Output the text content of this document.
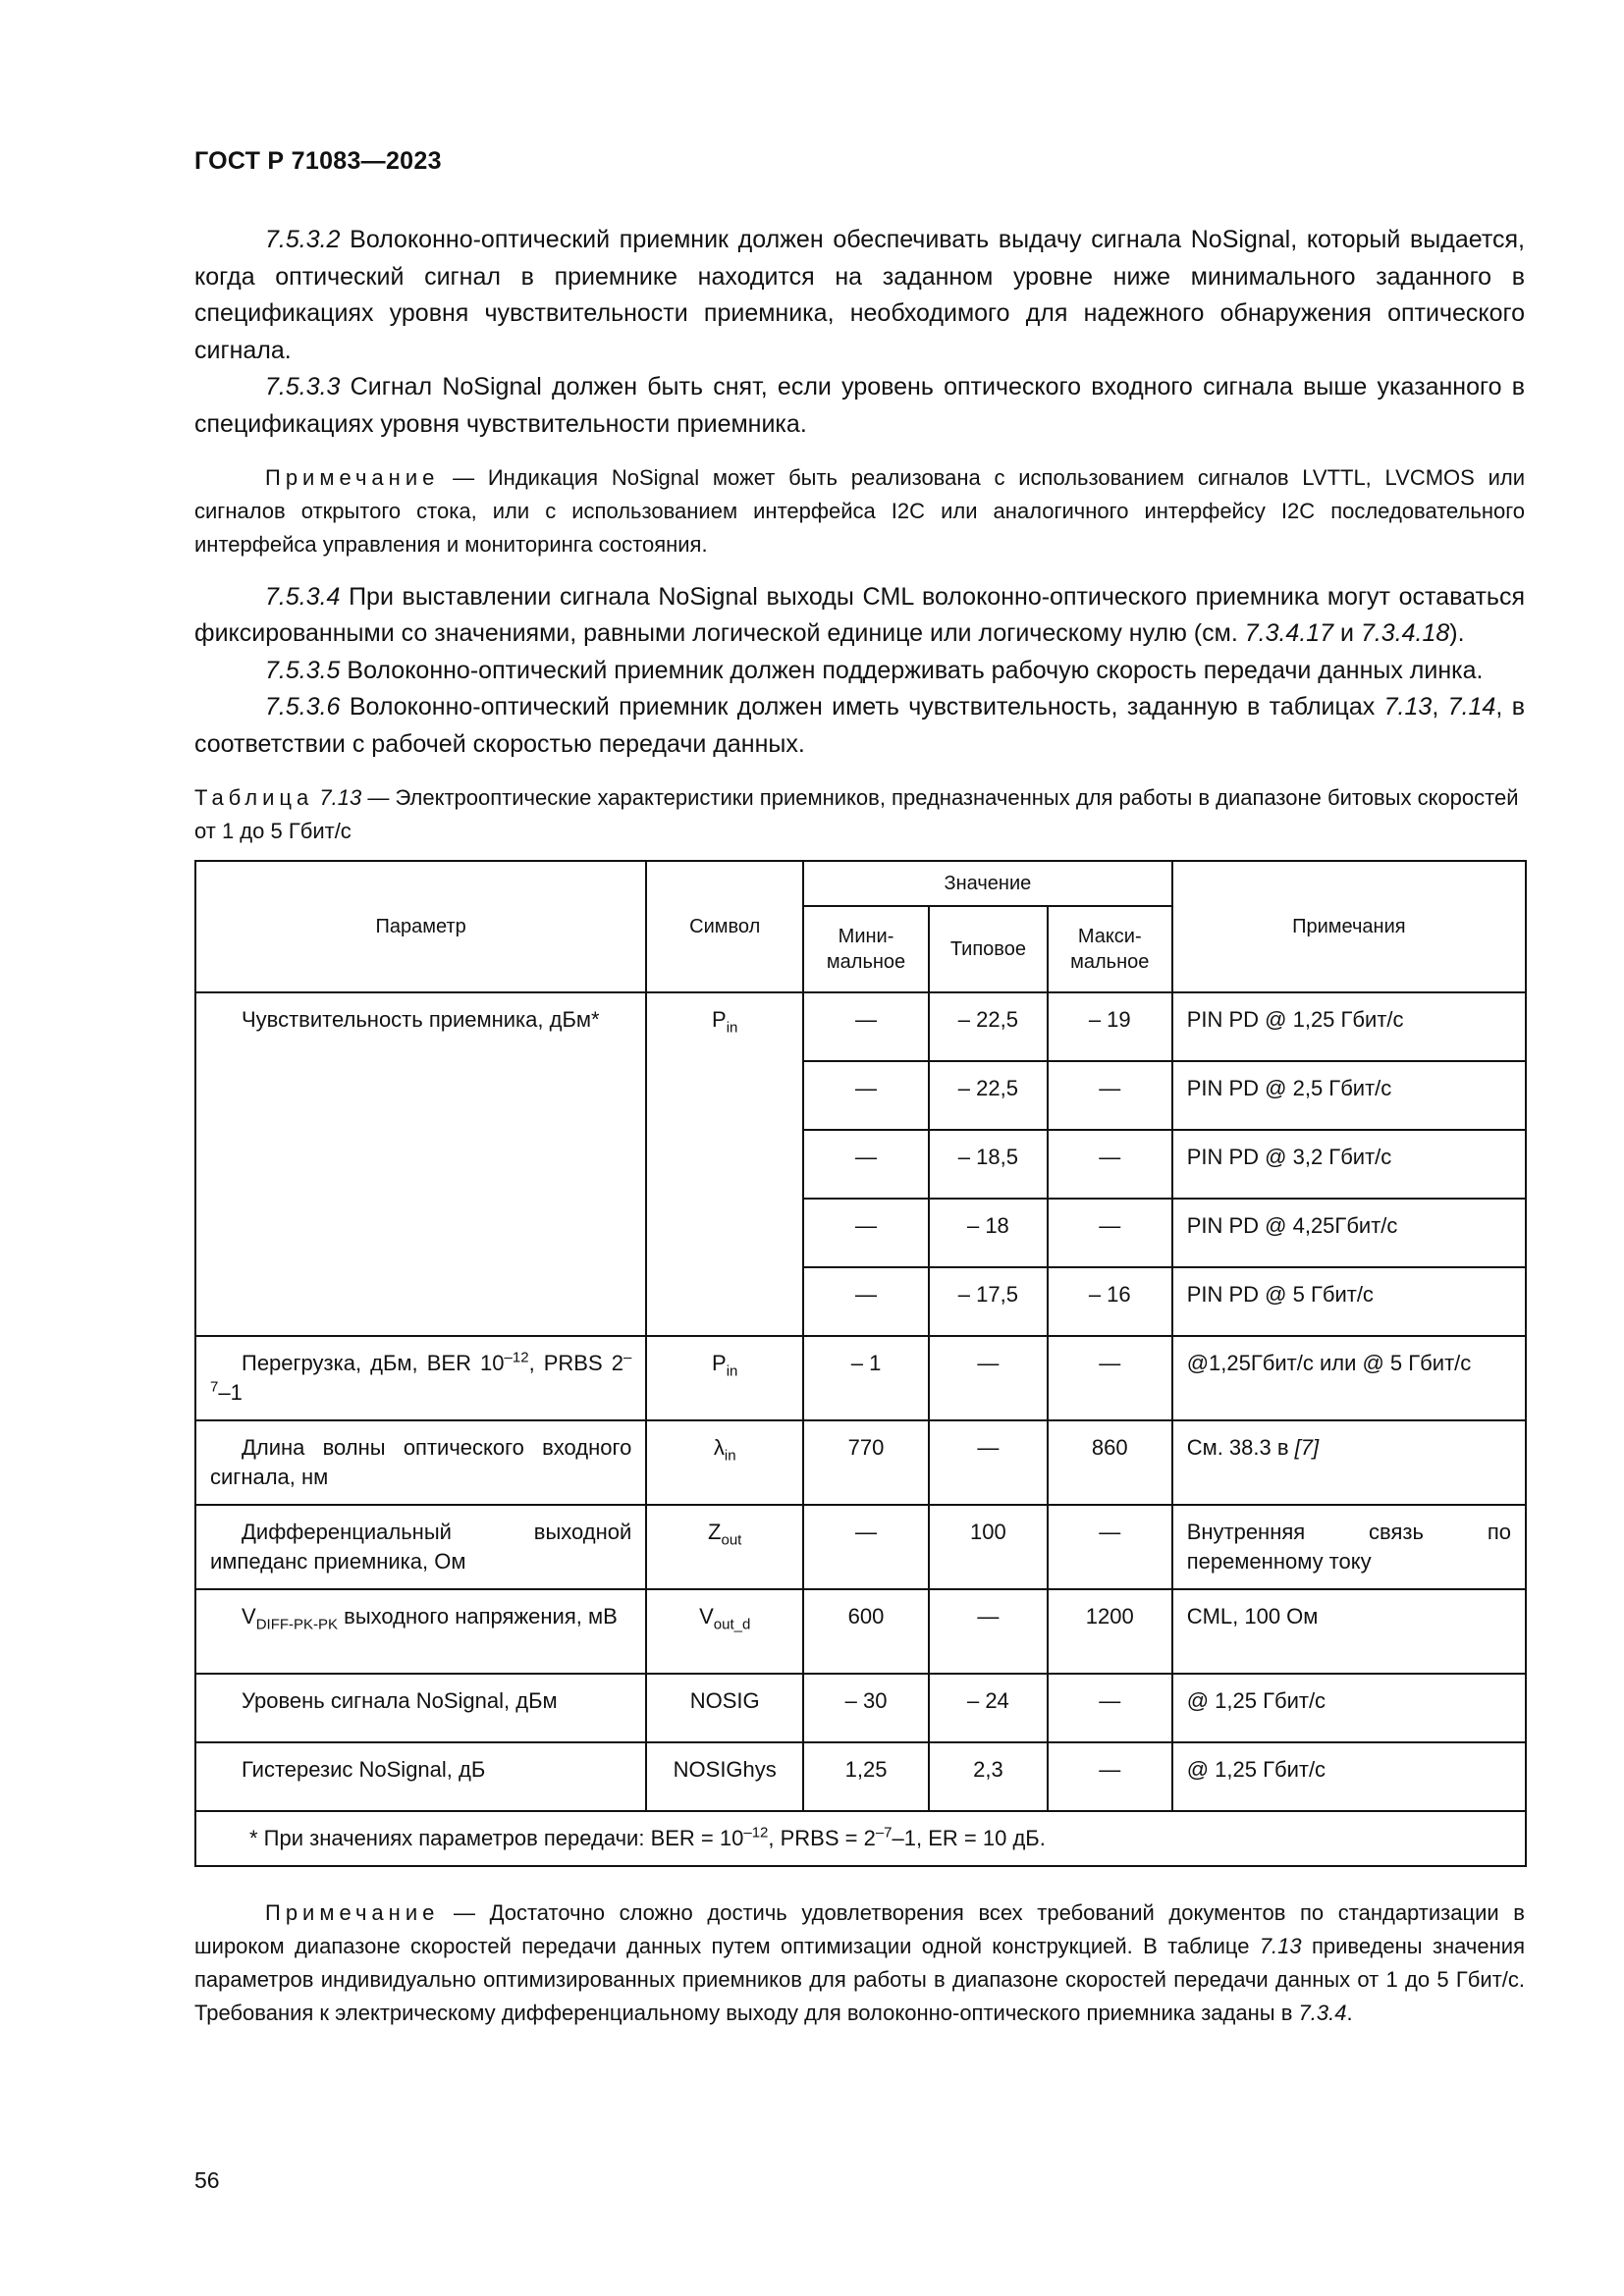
ГОСТ Р 71083—2023

7.5.3.2 Волоконно-оптический приемник должен обеспечивать выдачу сигнала NoSignal, который выдается, когда оптический сигнал в приемнике находится на заданном уровне ниже минимального заданного в спецификациях уровня чувствительности приемника, необходимого для надежного обнаружения оптического сигнала.

7.5.3.3 Сигнал NoSignal должен быть снят, если уровень оптического входного сигнала выше указанного в спецификациях уровня чувствительности приемника.

Примечание — Индикация NoSignal может быть реализована с использованием сигналов LVTTL, LVCMOS или сигналов открытого стока, или с использованием интерфейса I2C или аналогичного интерфейсу I2C последовательного интерфейса управления и мониторинга состояния.

7.5.3.4 При выставлении сигнала NoSignal выходы CML волоконно-оптического приемника могут оставаться фиксированными со значениями, равными логической единице или логическому нулю (см. 7.3.4.17 и 7.3.4.18).

7.5.3.5 Волоконно-оптический приемник должен поддерживать рабочую скорость передачи данных линка.

7.5.3.6 Волоконно-оптический приемник должен иметь чувствительность, заданную в таблицах 7.13, 7.14, в соответствии с рабочей скоростью передачи данных.

Таблица 7.13 — Электрооптические характеристики приемников, предназначенных для работы в диапазоне битовых скоростей от 1 до 5 Гбит/с

Параметр	Символ	Значение			Примечания
		Мини-мальное	Типовое	Макси-мальное	

Чувствительность приемника, дБм*	$P_{in}$	—	– 22,5	– 19	PIN PD @ 1,25 Гбит/с
		—	– 22,5	—	PIN PD @ 2,5 Гбит/с
		—	– 18,5	—	PIN PD @ 3,2 Гбит/с
		—	– 18	—	PIN PD @ 4,25Гбит/с
		—	– 17,5	– 16	PIN PD @ 5 Гбит/с

Перегрузка, дБм, BER $10^{-12}$, PRBS $2^{-7}-1$	$P_{in}$	– 1	—	—	@1,25Гбит/с или @ 5 Гбит/с

Длина волны оптического входного сигнала, нм	$\lambda_{in}$	770	—	860	См. 38.3 в [7]

Дифференциальный выходной импеданс приемника, Ом	$Z_{out}$	—	100	—	Внутренняя связь по переменному току

$V_{DIFF-PK-PK}$ выходного напряжения, мВ	$V_{out\_d}$	600	—	1200	CML, 100 Ом

Уровень сигнала NoSignal, дБм	NOSIG	– 30	– 24	—	@ 1,25 Гбит/с

Гистерезис NoSignal, дБ	NOSIGhys	1,25	2,3	—	@ 1,25 Гбит/с
* При значениях параметров передачи: BER = $10^{-12}$, PRBS = $2^{-7}-1$, ER = 10 дБ.					

Примечание — Достаточно сложно достичь удовлетворения всех требований документов по стандартизации в широком диапазоне скоростей передачи данных путем оптимизации одной конструкцией. В таблице 7.13 приведены значения параметров индивидуально оптимизированных приемников для работы в диапазоне скоростей передачи данных от 1 до 5 Гбит/с. Требования к электрическому дифференциальному выходу для волоконно-оптического приемника заданы в 7.3.4.

56
